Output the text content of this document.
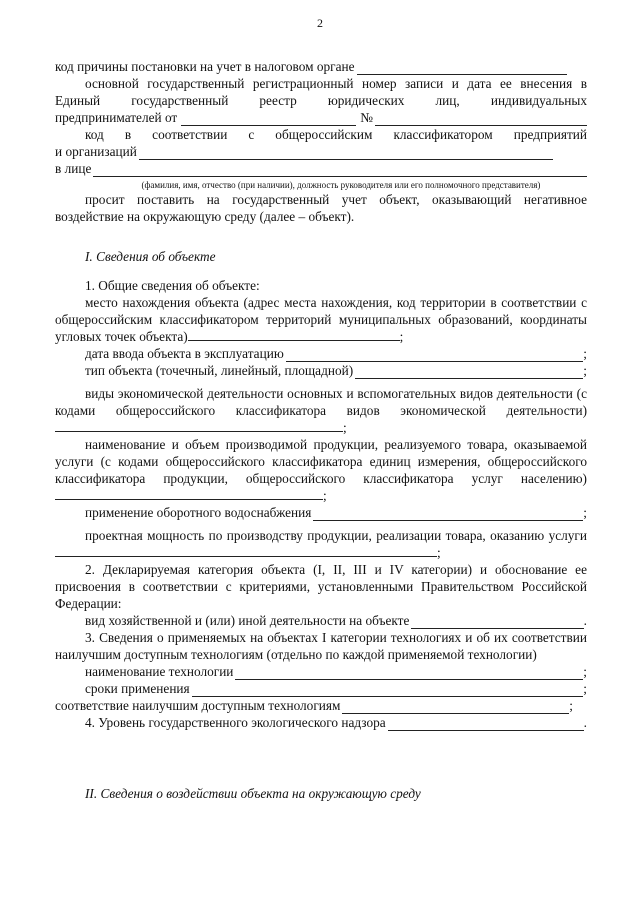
2
код причины постановки на учет в налоговом органе

основной государственный регистрационный номер записи и дата ее внесения в Единый государственный реестр юридических лиц, индивидуальных

предпринимателей от	№

код в соответствии с общероссийским классификатором предприятий

и организаций
в лице
(фамилия, имя, отчество (при наличии), должность руководителя или его полномочного представителя)

просит поставить на государственный учет объект, оказывающий негативное воздействие на окружающую среду (далее – объект).

I. Сведения об объекте

1. Общие сведения об объекте:

место нахождения объекта (адрес места нахождения, код территории в соответствии с общероссийским классификатором территорий муниципальных образований, координаты угловых точек объекта)	;

дата ввода объекта в эксплуатацию	;
тип объекта (точечный, линейный, площадной)	;

виды экономической деятельности основных и вспомогательных видов деятельности (с кодами общероссийского классификатора видов экономической деятельности);

наименование и объем производимой продукции, реализуемого товара, оказываемой услуги (с кодами общероссийского классификатора единиц измерения, общероссийского классификатора продукции, общероссийского классификатора услуг населению);

применение оборотного водоснабжения	;

проектная мощность по производству продукции, реализации товара, оказанию услуги;

2. Декларируемая категория объекта (I, II, III и IV категории) и обоснование ее присвоения в соответствии с критериями, установленными Правительством Российской Федерации:

вид хозяйственной и (или) иной деятельности на объекте	.

3. Сведения о применяемых на объектах I категории технологиях и об их соответствии наилучшим доступным технологиям (отдельно по каждой применяемой технологии)

наименование технологии	;
сроки применения	;
соответствие наилучшим доступным технологиям	;
4. Уровень государственного экологического надзора	.
II. Сведения о воздействии объекта на окружающую среду
